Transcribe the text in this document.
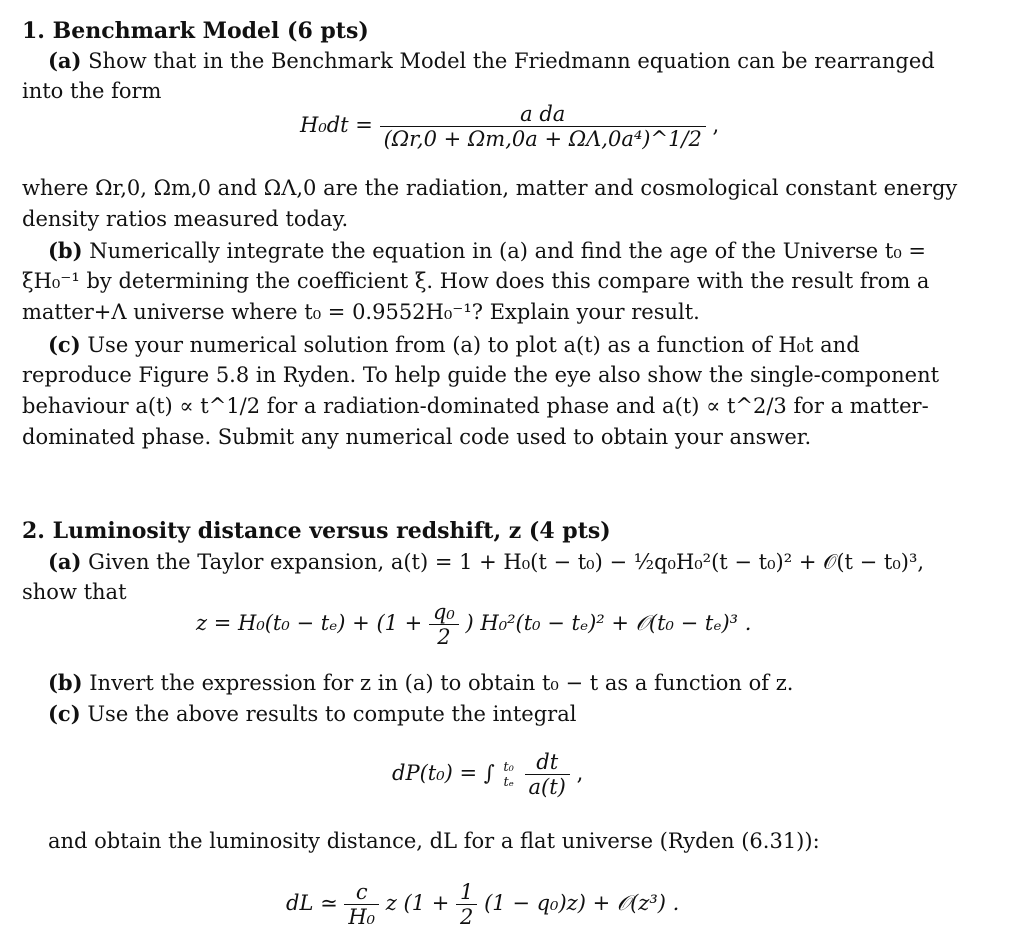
1. Benchmark Model (6 pts)
(a) Show that in the Benchmark Model the Friedmann equation can be rearranged
into the form
$H_0dt = \frac{\text{a da}}{\text{(Ωr,0 + Ωm,0a + ΩΛ,0a⁴)\textasciicircum{}1/2}}$ ,
where Ωr,0, Ωm,0 and ΩΛ,0 are the radiation, matter and cosmological constant energy
density ratios measured today.
(b) Numerically integrate the equation in (a) and find the age of the Universe t₀ =
ξH₀⁻¹ by determining the coefficient ξ. How does this compare with the result from a
matter+Λ universe where t₀ = 0.9552H₀⁻¹? Explain your result.
(c) Use your numerical solution from (a) to plot a(t) as a function of H₀t and
reproduce Figure 5.8 in Ryden. To help guide the eye also show the single-component
behaviour a(t) ∝ t^1/2 for a radiation-dominated phase and a(t) ∝ t^2/3 for a matter-
dominated phase. Submit any numerical code used to obtain your answer.
2. Luminosity distance versus redshift, z (4 pts)
(a) Given the Taylor expansion, a(t) = 1 + H₀(t − t₀) − ½q₀H₀²(t − t₀)² + 𝒪(t − t₀)³,
show that
$z = H_0(t_0 - t_e) + (1 + \frac{\text{q₀}}{2}$ ) H₀²(t₀ − tₑ)² + 𝒪(t₀ − tₑ)³ .
(b) Invert the expression for z in (a) to obtain t₀ − t as a function of z.
(c) Use the above results to compute the integral
dP(t₀) = ∫ t₀
tₑ
$\frac{dt}{a(t)}$ ,
and obtain the luminosity distance, dL for a flat universe (Ryden (6.31)):
dL ≃ $\frac{c}{\text{H₀}}$ z $(1 + \frac{1}{2} (1 - q_0)z)$ + 𝒪(z³) .
